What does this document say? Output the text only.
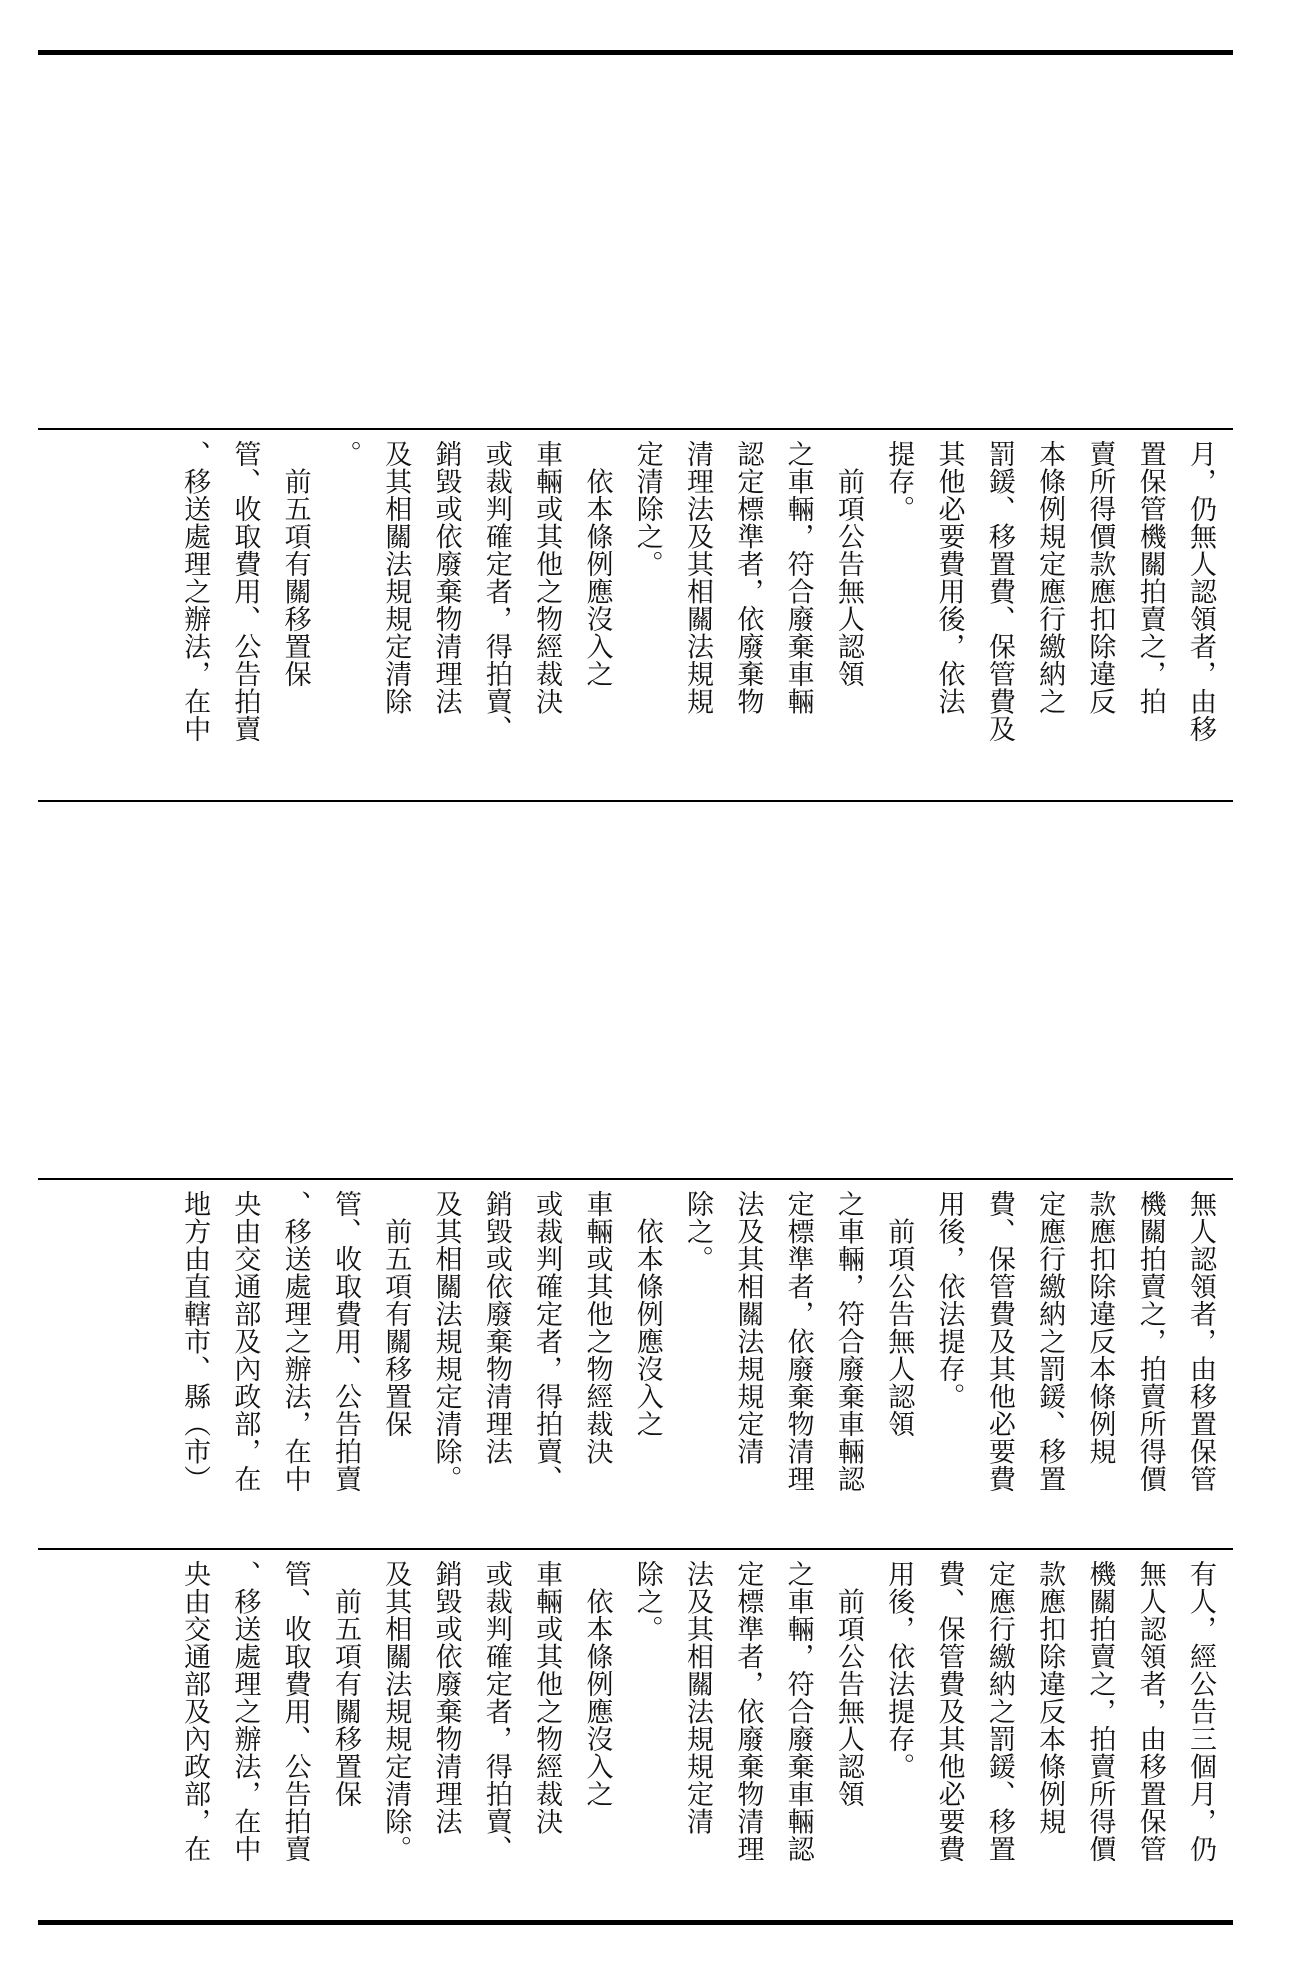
月，仍無人認領者，由移
置保管機關拍賣之，拍
賣所得價款應扣除違反
本條例規定應行繳納之
罰鍰、移置費、保管費及
其他必要費用後，依法
提存。
　前項公告無人認領
之車輛，符合廢棄車輛
認定標準者，依廢棄物
清理法及其相關法規規
定清除之。
　依本條例應沒入之
車輛或其他之物經裁決
或裁判確定者，得拍賣、
銷毀或依廢棄物清理法
及其相關法規規定清除
。
　前五項有關移置保
管、收取費用、公告拍賣
、移送處理之辦法，在中
無人認領者，由移置保管
機關拍賣之，拍賣所得價
款應扣除違反本條例規
定應行繳納之罰鍰、移置
費、保管費及其他必要費
用後，依法提存。
　前項公告無人認領
之車輛，符合廢棄車輛認
定標準者，依廢棄物清理
法及其相關法規規定清
除之。
　依本條例應沒入之
車輛或其他之物經裁決
或裁判確定者，得拍賣、
銷毀或依廢棄物清理法
及其相關法規規定清除。
　前五項有關移置保
管、收取費用、公告拍賣
、移送處理之辦法，在中
央由交通部及內政部，在
地方由直轄市、縣（市）
有人，經公告三個月，仍
無人認領者，由移置保管
機關拍賣之，拍賣所得價
款應扣除違反本條例規
定應行繳納之罰鍰、移置
費、保管費及其他必要費
用後，依法提存。
　前項公告無人認領
之車輛，符合廢棄車輛認
定標準者，依廢棄物清理
法及其相關法規規定清
除之。
　依本條例應沒入之
車輛或其他之物經裁決
或裁判確定者，得拍賣、
銷毀或依廢棄物清理法
及其相關法規規定清除。
　前五項有關移置保
管、收取費用、公告拍賣
、移送處理之辦法，在中
央由交通部及內政部，在
